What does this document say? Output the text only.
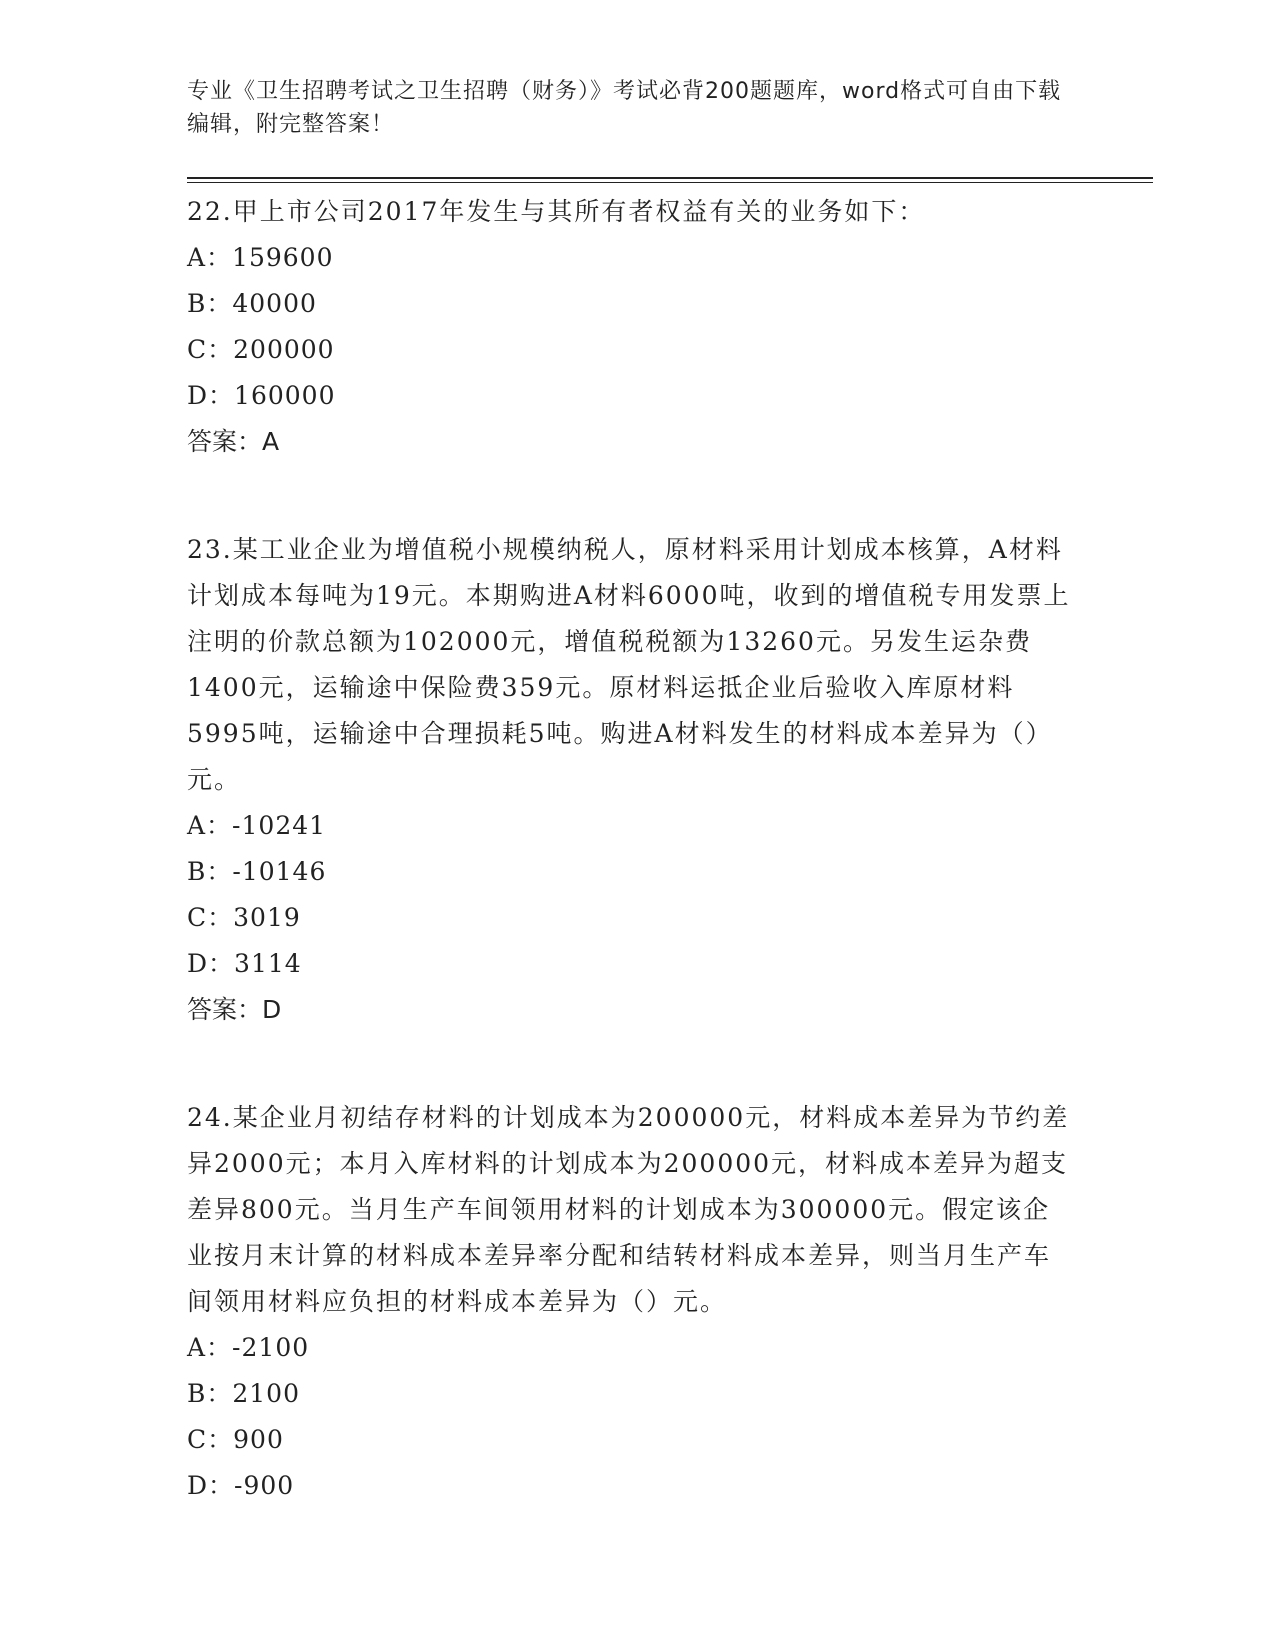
专业《卫生招聘考试之卫生招聘（财务）》考试必背200题题库，word格式可自由下载编辑，附完整答案！

22.甲上市公司2017年发生与其所有者权益有关的业务如下：

A：159600

B：40000

C：200000

D：160000

答案：A

23.某工业企业为增值税小规模纳税人，原材料采用计划成本核算，A材料计划成本每吨为19元。本期购进A材料6000吨，收到的增值税专用发票上注明的价款总额为102000元，增值税税额为13260元。另发生运杂费1400元，运输途中保险费359元。原材料运抵企业后验收入库原材料5995吨，运输途中合理损耗5吨。购进A材料发生的材料成本差异为（）元。

A：-10241

B：-10146

C：3019

D：3114

答案：D

24.某企业月初结存材料的计划成本为200000元，材料成本差异为节约差异2000元；本月入库材料的计划成本为200000元，材料成本差异为超支差异800元。当月生产车间领用材料的计划成本为300000元。假定该企业按月末计算的材料成本差异率分配和结转材料成本差异，则当月生产车间领用材料应负担的材料成本差异为（）元。

A：-2100

B：2100

C：900

D：-900
